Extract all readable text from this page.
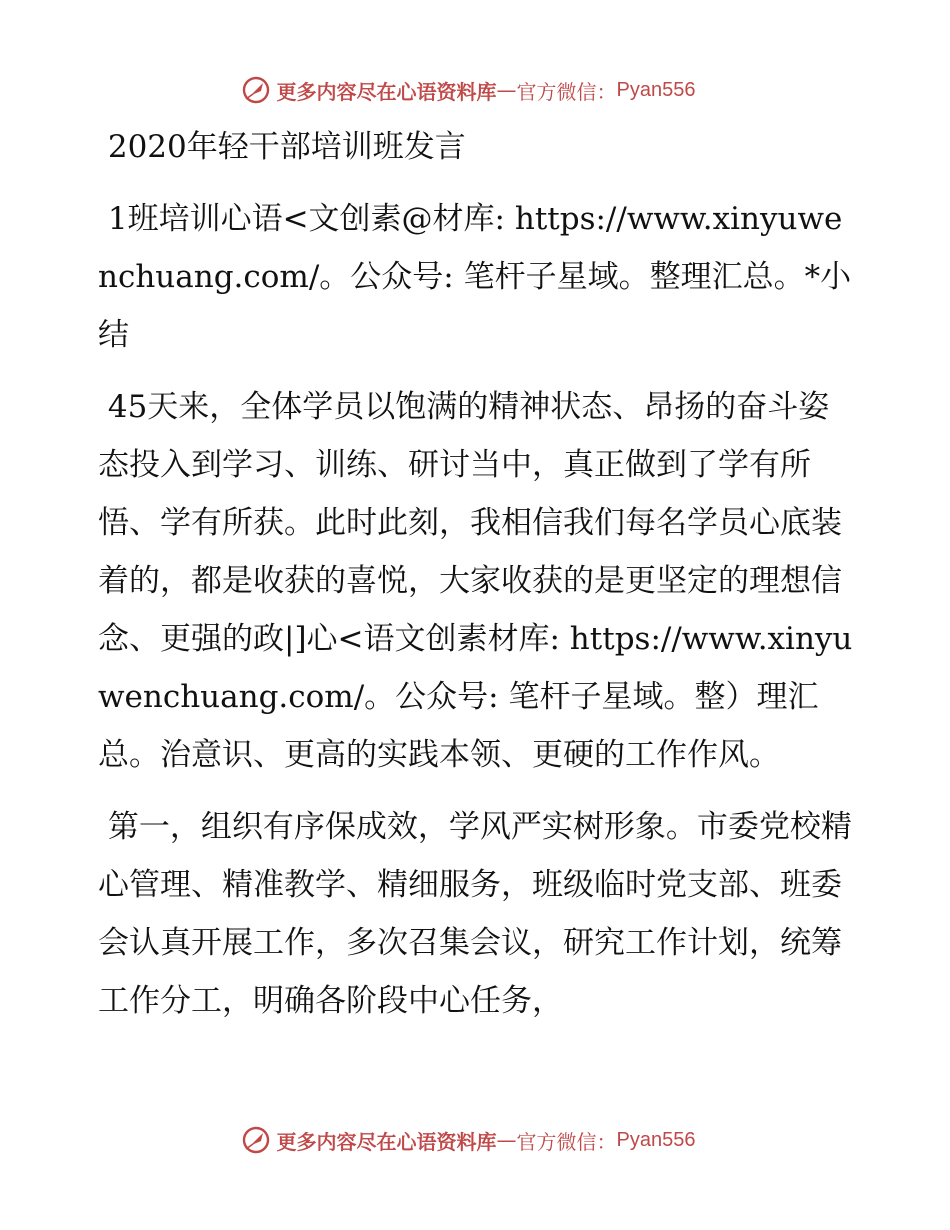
更多内容尽在心语资料库 — 官方微信： Pyan556

2020年轻干部培训班发言

1班培训心语<文创素@材库: https://www.xinyuwenchuang.com/。公众号: 笔杆子星域。整理汇总。*小结

45天来，全体学员以饱满的精神状态、昂扬的奋斗姿态投入到学习、训练、研讨当中，真正做到了学有所悟、学有所获。此时此刻，我相信我们每名学员心底装着的，都是收获的喜悦，大家收获的是更坚定的理想信念、更强的政|]心<语文创素材库: https://www.xinyuwenchuang.com/。公众号: 笔杆子星域。整）理汇总。治意识、更高的实践本领、更硬的工作作风。

第一，组织有序保成效，学风严实树形象。市委党校精心管理、精准教学、精细服务，班级临时党支部、班委会认真开展工作，多次召集会议，研究工作计划，统筹工作分工，明确各阶段中心任务，

更多内容尽在心语资料库 — 官方微信： Pyan556
